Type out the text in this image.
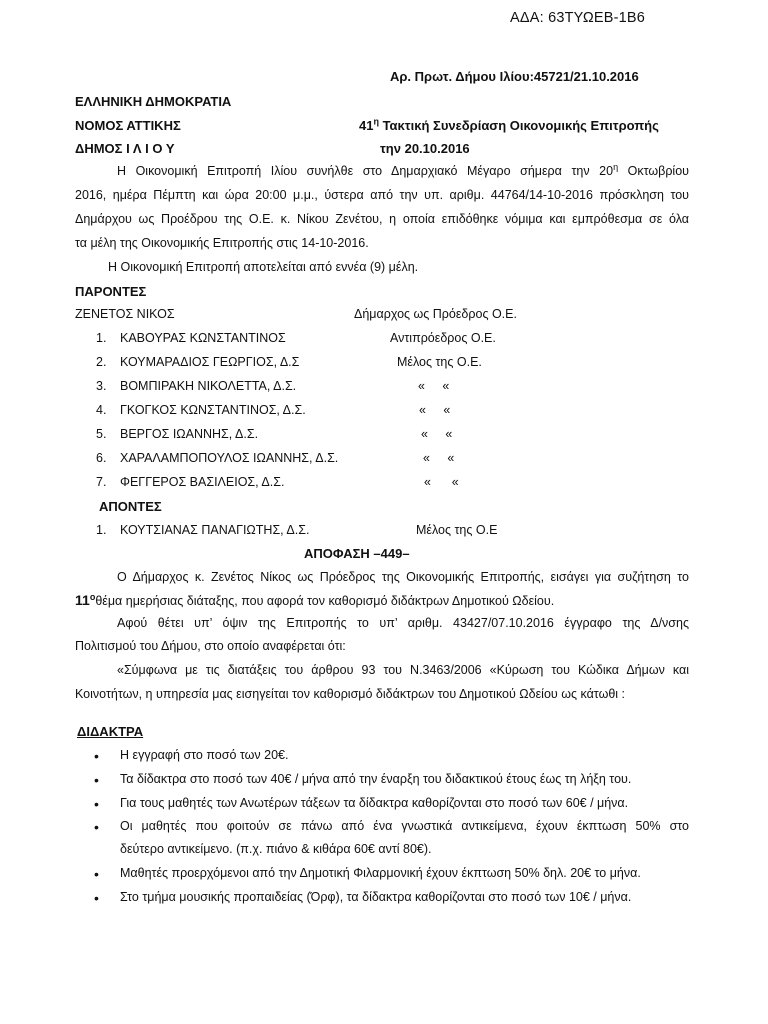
ΑΔΑ: 63ΤΥΩΕΒ-1Β6
Αρ. Πρωτ. Δήμου Ιλίου:45721/21.10.2016
ΕΛΛΗΝΙΚΗ ΔΗΜΟΚΡΑΤΙΑ
ΝΟΜΟΣ ΑΤΤΙΚΗΣ	$41^\eta$ Τακτική Συνεδρίαση Οικονομικής Επιτροπής
ΔΗΜΟΣ Ι Λ Ι Ο Υ	την 20.10.2016
Η Οικονομική Επιτροπή Ιλίου συνήλθε στο Δημαρχιακό Μέγαρο σήμερα την $20^\eta$ Οκτωβρίου
2016, ημέρα Πέμπτη και ώρα 20:00 μ.μ., ύστερα από την υπ. αριθμ. 44764/14-10-2016 πρόσκληση του
Δημάρχου ως Προέδρου της Ο.Ε. κ. Νίκου Ζενέτου, η οποία επιδόθηκε νόμιμα και εμπρόθεσμα σε όλα
τα μέλη της Οικονομικής Επιτροπής στις 14-10-2016.
Η Οικονομική Επιτροπή αποτελείται από εννέα (9) μέλη.
ΠΑΡΟΝΤΕΣ
ΖΕΝΕΤΟΣ ΝΙΚΟΣ	Δήμαρχος ως Πρόεδρος Ο.Ε.
1. ΚΑΒΟΥΡΑΣ ΚΩΝΣΤΑΝΤΙΝΟΣ	Αντιπρόεδρος Ο.Ε.
2. ΚΟΥΜΑΡΑΔΙΟΣ ΓΕΩΡΓΙΟΣ, Δ.Σ	Μέλος της Ο.Ε.
3. ΒΟΜΠΙΡΑΚΗ ΝΙΚΟΛΕΤΤΑ, Δ.Σ.	«     «
4. ΓΚΟΓΚΟΣ ΚΩΝΣΤΑΝΤΙΝΟΣ, Δ.Σ.	«     «
5. ΒΕΡΓΟΣ ΙΩΑΝΝΗΣ, Δ.Σ.	«     «
6. ΧΑΡΑΛΑΜΠΟΠΟΥΛΟΣ ΙΩΑΝΝΗΣ, Δ.Σ.	«     «
7. ΦΕΓΓΕΡΟΣ ΒΑΣΙΛΕΙΟΣ, Δ.Σ.	«      «
ΑΠΟΝΤΕΣ
1. ΚΟΥΤΣΙΑΝΑΣ ΠΑΝΑΓΙΩΤΗΣ, Δ.Σ.	Μέλος της Ο.Ε
ΑΠΟΦΑΣΗ –449–
Ο Δήμαρχος κ. Ζενέτος Νίκος ως Πρόεδρος της Οικονομικής Επιτροπής, εισάγει για συζήτηση το
$11^o\theta έ\mu\alpha$ ημερήσιας διάταξης, που αφορά τον καθορισμό διδάκτρων Δημοτικού Ωδείου.
Αφού θέτει υπ’ όψιν της Επιτροπής το υπ’ αριθμ. 43427/07.10.2016 έγγραφο της Δ/νσης
Πολιτισμού του Δήμου, στο οποίο αναφέρεται ότι:
«Σύμφωνα με τις διατάξεις του άρθρου 93 του Ν.3463/2006 «Κύρωση του Κώδικα Δήμων και
Κοινοτήτων, η υπηρεσία μας εισηγείται τον καθορισμό διδάκτρων του Δημοτικού Ωδείου ως κάτωθι :
ΔΙΔΑΚΤΡΑ
• Η εγγραφή στο ποσό των 20€.
• Τα δίδακτρα στο ποσό των 40€ / μήνα από την έναρξη του διδακτικού έτους έως τη λήξη του.
• Για τους μαθητές των Ανωτέρων τάξεων τα δίδακτρα καθορίζονται στο ποσό των 60€ / μήνα.
• Οι μαθητές που φοιτούν σε πάνω από ένα γνωστικά αντικείμενα, έχουν έκπτωση 50% στο
δεύτερο αντικείμενο. (π.χ. πιάνο & κιθάρα 60€ αντί 80€).
• Μαθητές προερχόμενοι από την Δημοτική Φιλαρμονική έχουν έκπτωση 50% δηλ. 20€ το μήνα.
• Στο τμήμα μουσικής προπαιδείας (Όρφ), τα δίδακτρα καθορίζονται στο ποσό των 10€ / μήνα.
